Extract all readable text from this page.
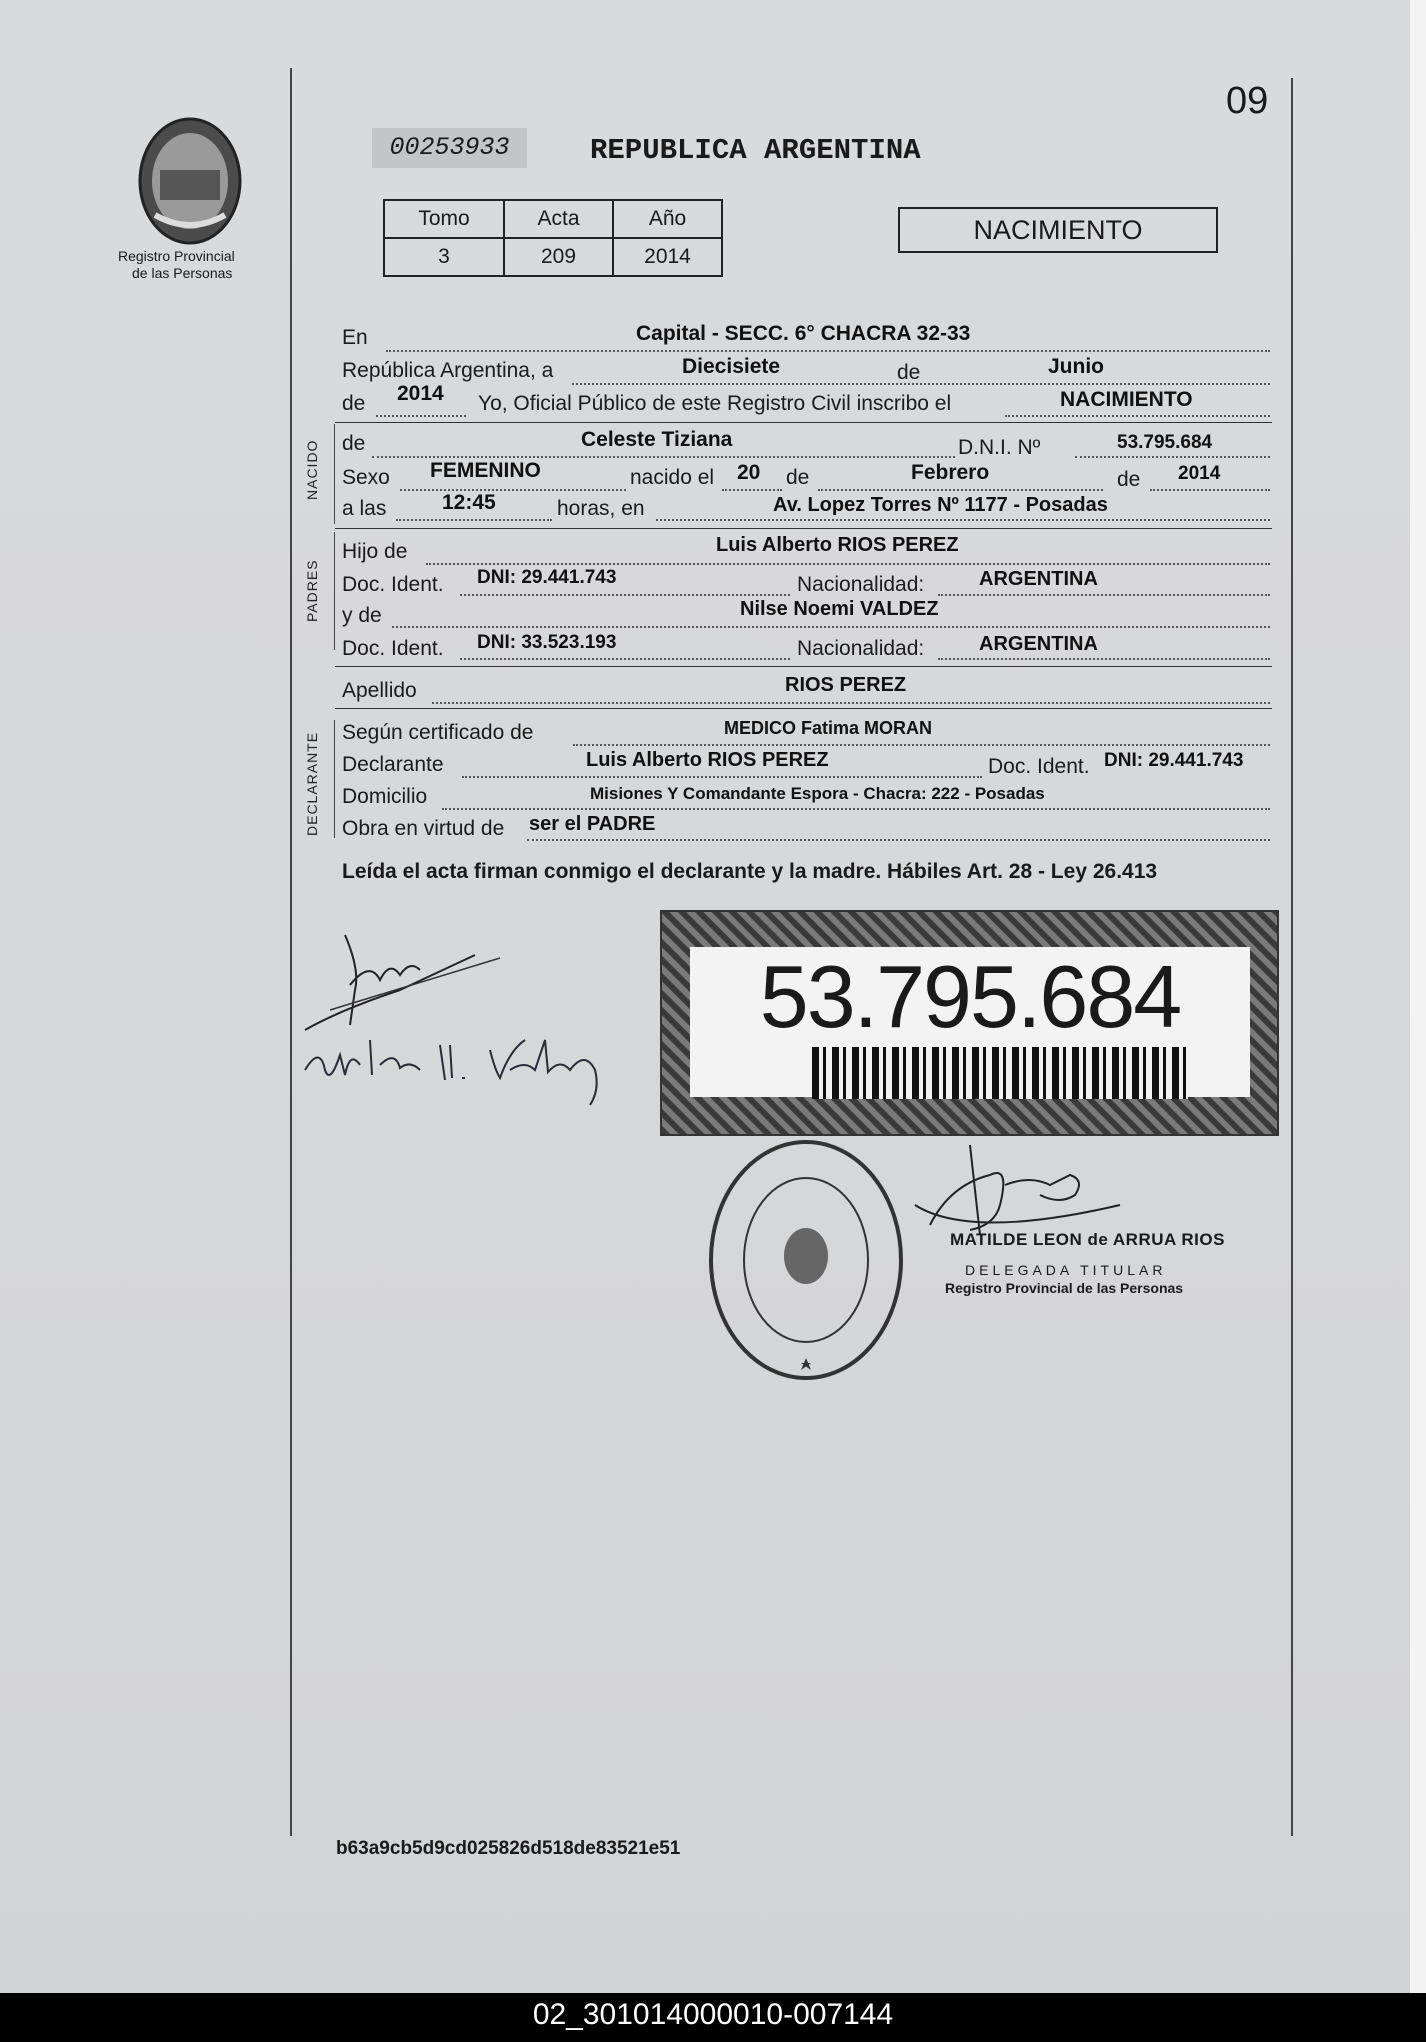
Registro Provincial
de las Personas
09
00253933	REPUBLICA ARGENTINA
Tomo	Acta	Año
3	209	2014
NACIMIENTO
En	Capital - SECC. 6° CHACRA 32-33
República Argentina, a	Diecisiete	de	Junio
de 2014 Yo, Oficial Público de este Registro Civil inscribo el	NACIMIENTO
NACIDO de	Celeste Tiziana	D.N.I. Nº	53.795.684
Sexo FEMENINO	nacido el 20 de	Febrero	de 2014
a las	12:45	horas, en	Av. Lopez Torres Nº 1177 - Posadas
PADRES
Hijo de	Luis Alberto RIOS PEREZ
Doc. Ident. DNI: 29.441.743	Nacionalidad:	ARGENTINA
y de	Nilse Noemi VALDEZ
Doc. Ident. DNI: 33.523.193	Nacionalidad:	ARGENTINA
Apellido	RIOS PEREZ
DECLARANTE Según certificado de	MEDICO Fatima MORAN
Declarante	Luis Alberto RIOS PEREZ	Doc. Ident. DNI: 29.441.743
Domicilio	Misiones Y Comandante Espora - Chacra: 222 - Posadas
Obra en virtud de ser el PADRE
Leída el acta firman conmigo el declarante y la madre. Hábiles Art. 28 - Ley 26.413
53.795.684
MATILDE LEON de ARRUA RIOS
DELEGADA TITULAR
Registro Provincial de las Personas
b63a9cb5d9cd025826d518de83521e51
02_301014000010-007144
